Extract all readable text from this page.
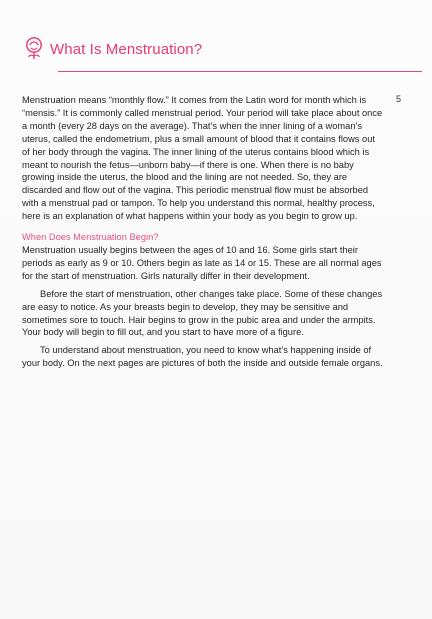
What Is Menstruation?
5

Menstruation means “monthly flow.” It comes from the Latin word for month which is “mensis.” It is commonly called menstrual period. Your period will take place about once a month (every 28 days on the average). That’s when the inner lining of a woman’s uterus, called the endometrium, plus a small amount of blood that it contains flows out of her body through the vagina. The inner lining of the uterus contains blood which is meant to nourish the fetus—unborn baby—if there is one. When there is no baby growing inside the uterus, the blood and the lining are not needed. So, they are discarded and flow out of the vagina. This periodic menstrual flow must be absorbed with a menstrual pad or tampon. To help you understand this normal, healthy process, here is an explanation of what happens within your body as you begin to grow up.

When Does Menstruation Begin?

Menstruation usually begins between the ages of 10 and 16. Some girls start their periods as early as 9 or 10. Others begin as late as 14 or 15. These are all normal ages for the start of menstruation. Girls naturally differ in their development.

Before the start of menstruation, other changes take place. Some of these changes are easy to notice. As your breasts begin to develop, they may be sensitive and sometimes sore to touch. Hair begins to grow in the pubic area and under the armpits. Your body will begin to fill out, and you start to have more of a figure.

To understand about menstruation, you need to know what’s happening inside of your body. On the next pages are pictures of both the inside and outside female organs.
